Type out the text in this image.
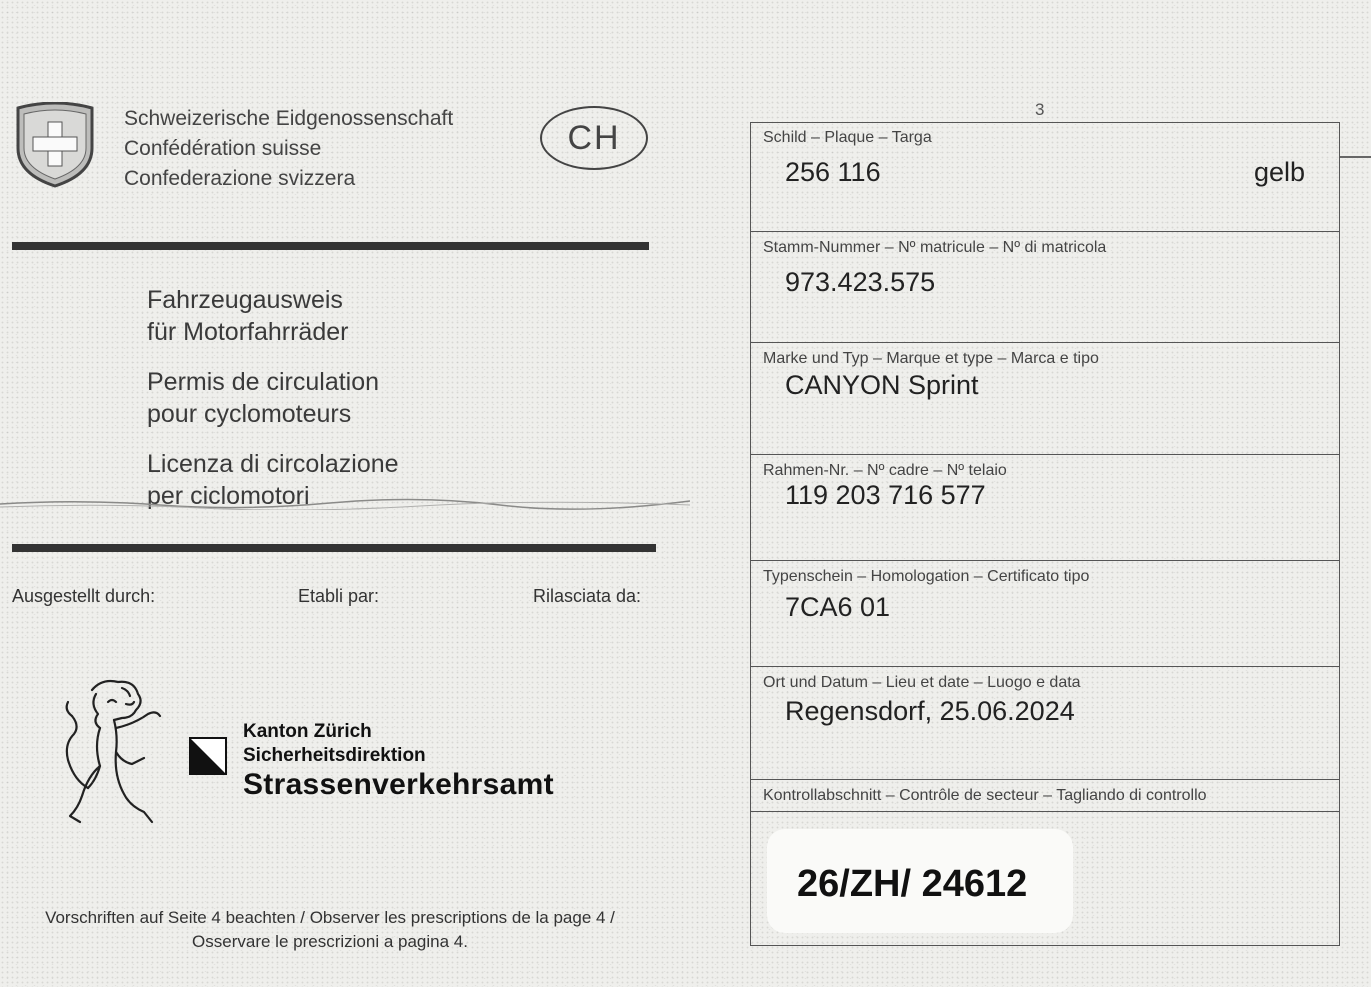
Schweizerische Eidgenossenschaft
Confédération suisse
Confederazione svizzera
CH
Fahrzeugausweis
für Motorfahrräder
Permis de circulation
pour cyclomoteurs
Licenza di circolazione
per ciclomotori
Ausgestellt durch:	Etabli par:	Rilasciata da:
Kanton Zürich
Sicherheitsdirektion
Strassenverkehrsamt
Vorschriften auf Seite 4 beachten / Observer les prescriptions de la page 4 /
Osservare le prescrizioni a pagina 4.
3
Schild – Plaque – Targa
256 116	gelb
Stamm-Nummer – Nº matricule – Nº di matricola
973.423.575
Marke und Typ – Marque et type – Marca e tipo
CANYON Sprint
Rahmen-Nr. – Nº cadre – Nº telaio
119 203 716 577
Typenschein – Homologation – Certificato tipo
7CA6 01
Ort und Datum – Lieu et date – Luogo e data
Regensdorf, 25.06.2024
Kontrollabschnitt – Contrôle de secteur – Tagliando di controllo
26/ZH/ 24612
